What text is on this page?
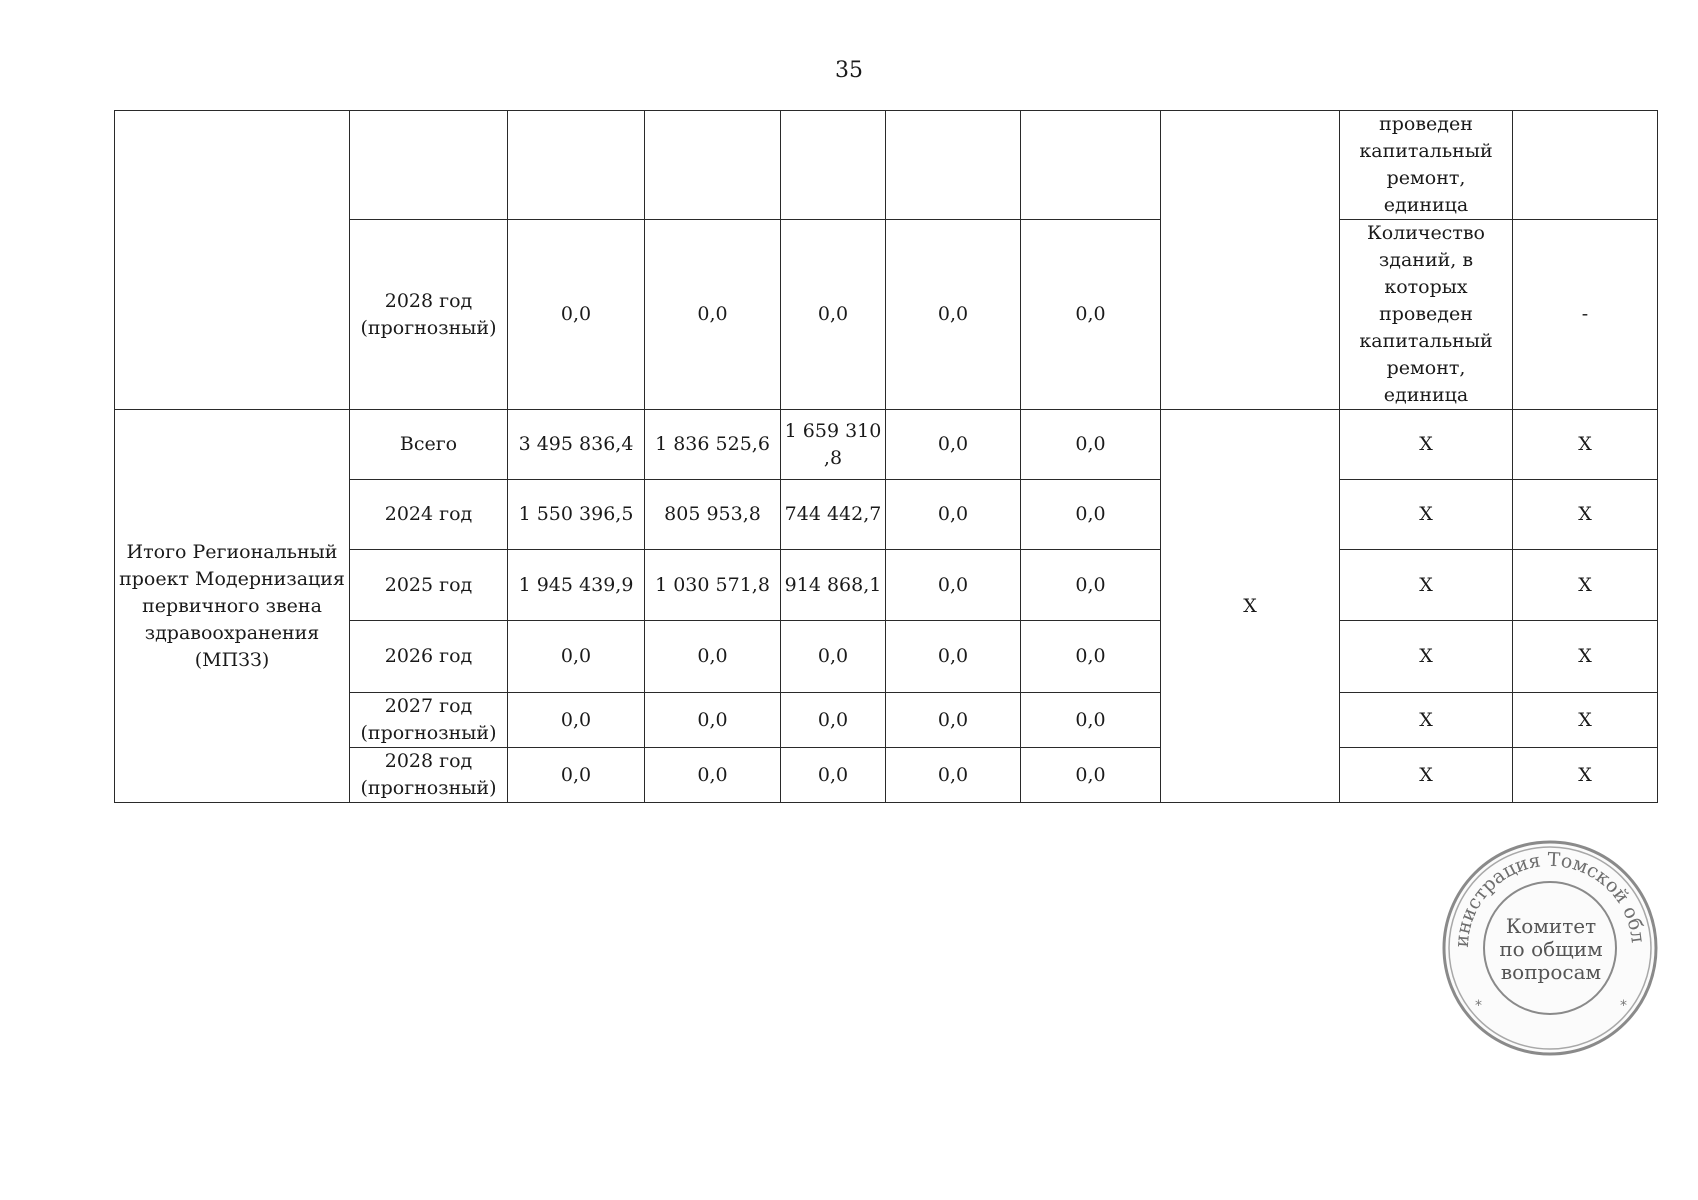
35
								проведен капитальный ремонт, единица	
	2028 год (прогнозный)	0,0	0,0	0,0	0,0	0,0		Количество зданий, в которых проведен капитальный ремонт, единица	-
Итого Региональный проект Модернизация первичного звена здравоохранения (МПЗЗ)	Всего	3 495 836,4	1 836 525,6	1 659 310 ,8	0,0	0,0	X	X	X
	2024 год	1 550 396,5	805 953,8	744 442,7	0,0	0,0		X	X
	2025 год	1 945 439,9	1 030 571,8	914 868,1	0,0	0,0		X	X
	2026 год	0,0	0,0	0,0	0,0	0,0		X	X
	2027 год (прогнозный)	0,0	0,0	0,0	0,0	0,0		X	X
	2028 год (прогнозный)	0,0	0,0	0,0	0,0	0,0		X	X
инистрация Томской обл
*	*
Комитет
по общим
вопросам
